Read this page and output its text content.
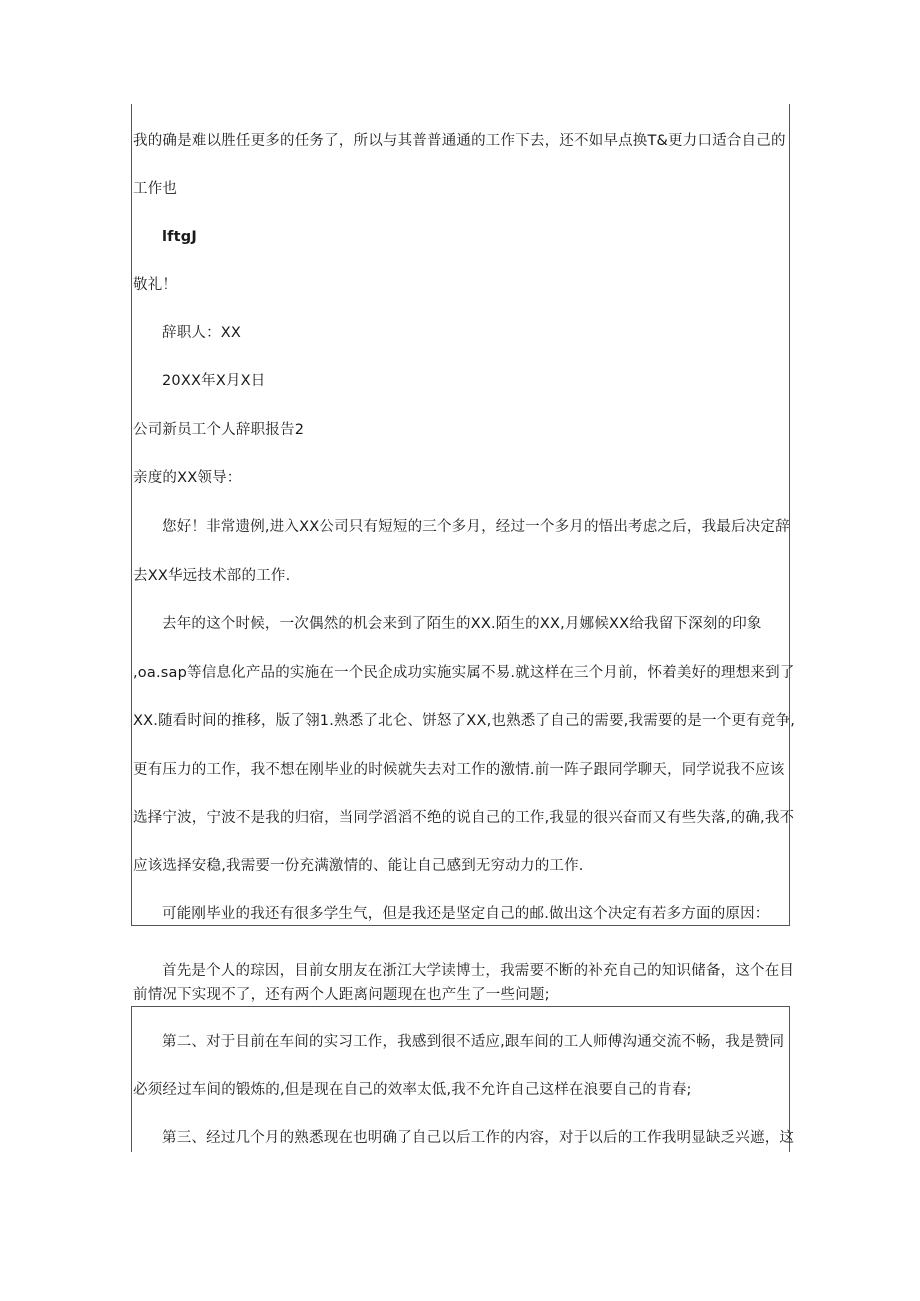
我的确是难以胜任更多的任务了，所以与其普普通通的工作下去，还不如早点换T&更力口适合自己的
工作也
lftgJ
敬礼！
辞职人：XX
20XX年X月X日
公司新员工个人辞职报告2
亲度的XX领导：
您好！非常遗例,进入XX公司只有短短的三个多月，经过一个多月的悟出考虑之后，我最后决定辞
去XX华远技术部的工作.
去年的这个时候，一次偶然的机会来到了陌生的XX.陌生的XX,月娜候XX给我留下深刻的印象
,oa.sap等信息化产品的实施在一个民企成功实施实属不易.就这样在三个月前，怀着美好的理想来到了
XX.随看时间的推移，版了翎1.熟悉了北仑、饼怒了XX,也熟悉了自己的需要,我需要的是一个更有竞争,
更有压力的工作，我不想在刚毕业的时候就失去对工作的激情.前一阵子跟同学聊天，同学说我不应该
选择宁波，宁波不是我的归宿，当同学滔滔不绝的说自己的工作,我显的很兴奋而又有些失落,的确,我不
应该选择安稳,我需要一份充满激情的、能让自己感到无穷动力的工作.
可能刚毕业的我还有很多学生气，但是我还是坚定自己的邮.做出这个决定有若多方面的原因：
首先是个人的琮因，目前女朋友在浙江大学读博士，我需要不断的补充自己的知识储备，这个在目
前情况下实现不了，还有两个人距离问题现在也产生了一些问题;
第二、对于目前在车间的实习工作，我感到很不适应,跟车间的工人师傅沟通交流不畅，我是赞同
必须经过车间的锻炼的,但是现在自己的效率太低,我不允许自己这样在浪要自己的肯春;
第三、经过几个月的熟悉现在也明确了自己以后工作的内容，对于以后的工作我明显缺乏兴遮，这
